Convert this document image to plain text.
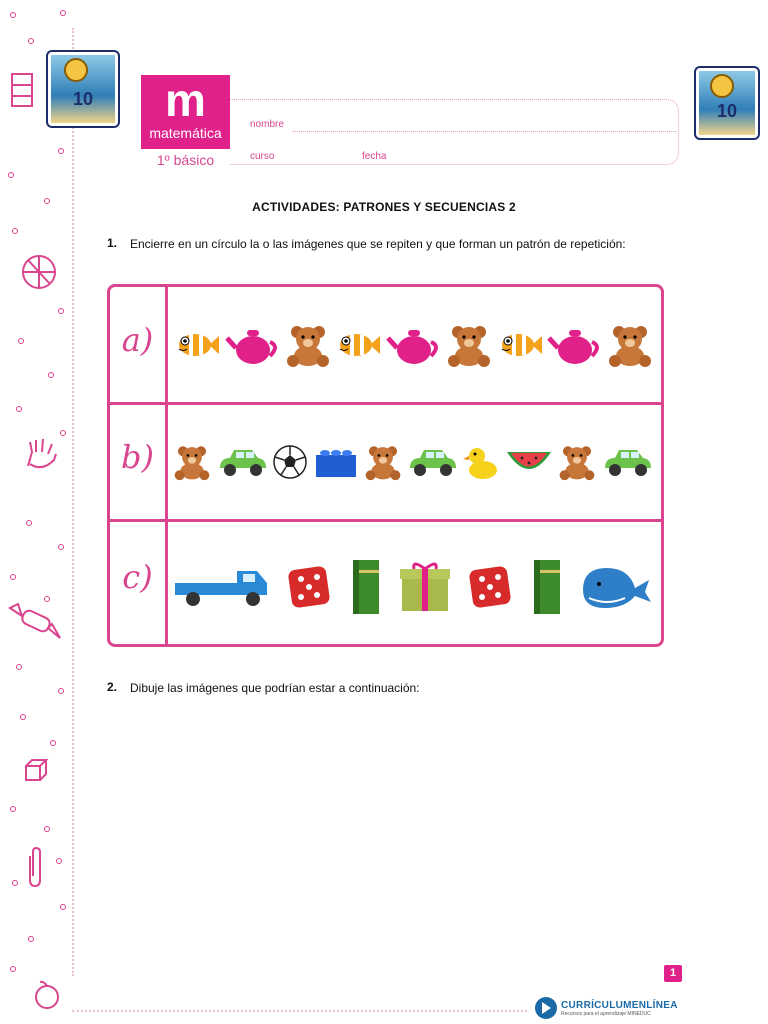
10
10
m
matemática
1º básico
nombre
curso	fecha
ACTIVIDADES: PATRONES Y SECUENCIAS 2
1. Encierre en un círculo la o las imágenes que se repiten y que forman un patrón de repetición:
a)
b)
c)
2. Dibuje las imágenes que podrían estar a continuación:
1
CURRÍCULUMENLÍNEA
Recursos para el aprendizaje MINEDUC
